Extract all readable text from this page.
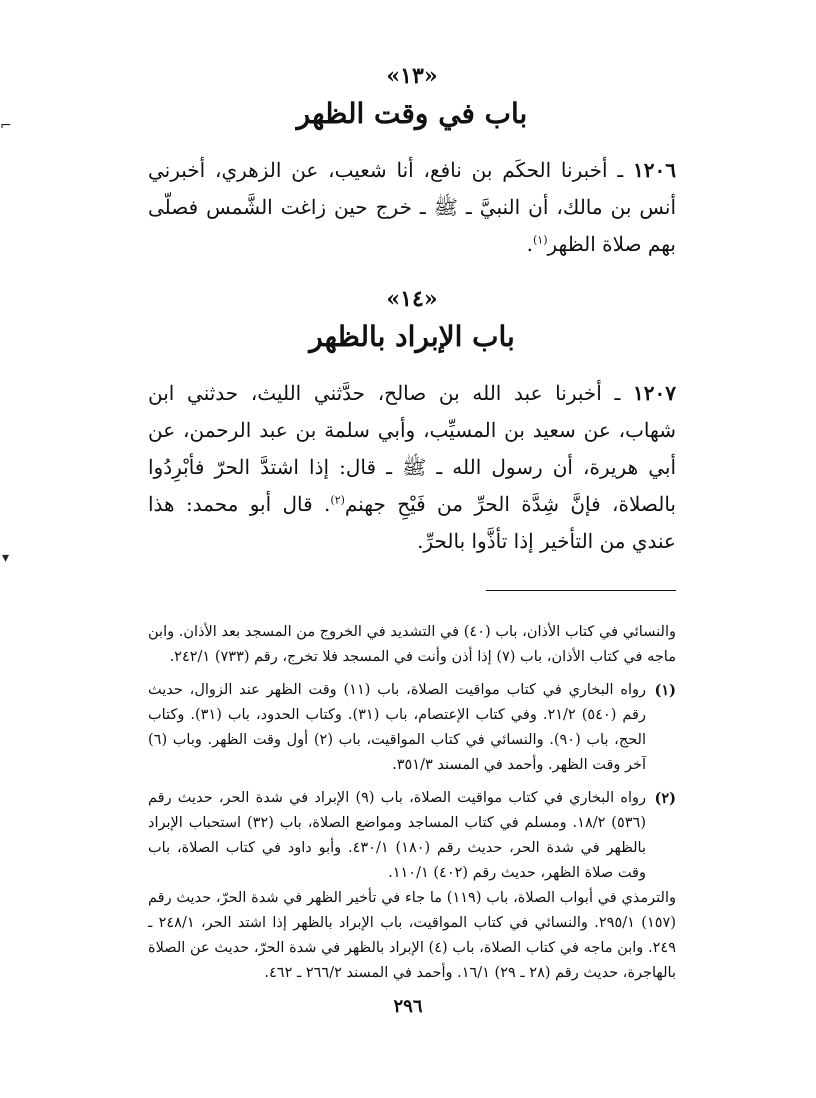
«١٣»
باب في وقت الظهر
١٢٠٦ ـ أخبرنا الحكَم بن نافع، أنا شعيب، عن الزهري، أخبرني أنس بن مالك، أن النبيَّ ـ ﷺ ـ خرج حين زاغت الشَّمس فصلّى بهم صلاة الظهر$^{(١)}$.
«١٤»
باب الإبراد بالظهر
١٢٠٧ ـ أخبرنا عبد الله بن صالح، حدَّثني الليث، حدثني ابن شهاب، عن سعيد بن المسيِّب، وأبي سلمة بن عبد الرحمن، عن أبي هريرة، أن رسول الله ـ ﷺ ـ قال: إذا اشتدَّ الحرّ فأبْرِدُوا بالصلاة، فإنَّ شِدَّة الحرِّ من فَيْحِ جهنم$^{(٢)}$. قال أبو محمد: هذا عندي من التأخير إذا تأذَّوا بالحرِّ.
والنسائي في كتاب الأذان، باب (٤٠) في التشديد في الخروج من المسجد بعد الأذان. وابن ماجه في كتاب الأذان، باب (٧) إذا أذن وأنت في المسجد فلا تخرج، رقم (٧٣٣) ٢٤٢/١.
(١)
رواه البخاري في كتاب مواقيت الصلاة، باب (١١) وقت الظهر عند الزوال، حديث رقم (٥٤٠) ٢١/٢. وفي كتاب الإعتصام، باب (٣١). وكتاب الحدود، باب (٣١). وكتاب الحج، باب (٩٠). والنسائي في كتاب المواقيت، باب (٢) أول وقت الظهر. وباب (٦) آخر وقت الظهر. وأحمد في المسند ٣٥١/٣.
(٢)
رواه البخاري في كتاب مواقيت الصلاة، باب (٩) الإبراد في شدة الحر، حديث رقم (٥٣٦) ١٨/٢. ومسلم في كتاب المساجد ومواضع الصلاة، باب (٣٢) استحباب الإبراد بالظهر في شدة الحر، حديث رقم (١٨٠) ٤٣٠/١. وأبو داود في كتاب الصلاة، باب وقت صلاة الظهر، حديث رقم (٤٠٢) ١١٠/١.
والترمذي في أبواب الصلاة، باب (١١٩) ما جاء في تأخير الظهر في شدة الحرّ، حديث رقم (١٥٧) ٢٩٥/١. والنسائي في كتاب المواقيت، باب الإبراد بالظهر إذا اشتد الحر، ٢٤٨/١ ـ ٢٤٩. وابن ماجه في كتاب الصلاة، باب (٤) الإبراد بالظهر في شدة الحرّ، حديث عن الصلاة بالهاجرة، حديث رقم (٢٨ ـ ٢٩) ١٦/١. وأحمد في المسند ٢٦٦/٢ ـ ٤٦٢.
٢٩٦
⌐
▾
